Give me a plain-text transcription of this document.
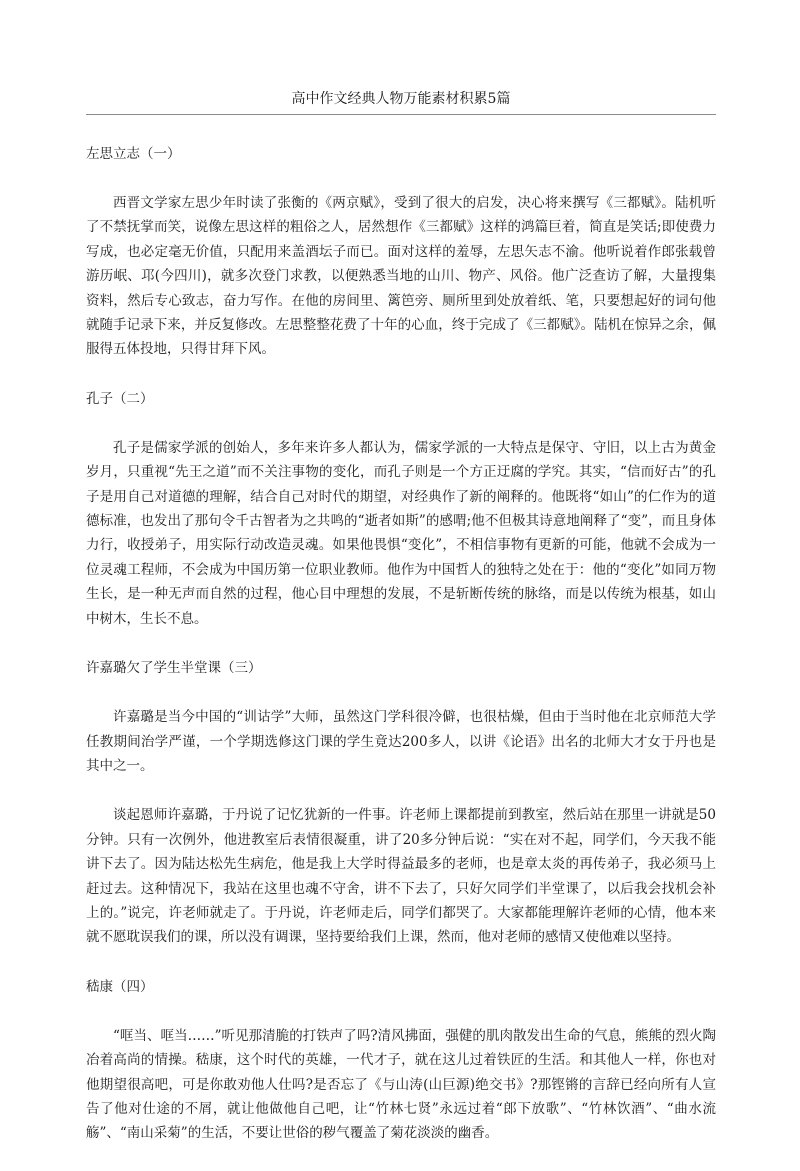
高中作文经典人物万能素材积累5篇
左思立志（一）

西晋文学家左思少年时读了张衡的《两京赋》，受到了很大的启发，决心将来撰写《三都赋》。陆机听了不禁抚掌而笑，说像左思这样的粗俗之人，居然想作《三都赋》这样的鸿篇巨着，简直是笑话;即使费力写成，也必定毫无价值，只配用来盖酒坛子而已。面对这样的羞辱，左思矢志不渝。他听说着作郎张载曾游历岷、邛(今四川)，就多次登门求教，以便熟悉当地的山川、物产、风俗。他广泛查访了解，大量搜集资料，然后专心致志，奋力写作。在他的房间里、篱笆旁、厕所里到处放着纸、笔，只要想起好的词句他就随手记录下来，并反复修改。左思整整花费了十年的心血，终于完成了《三都赋》。陆机在惊异之余，佩服得五体投地，只得甘拜下风。

孔子（二）

孔子是儒家学派的创始人，多年来许多人都认为，儒家学派的一大特点是保守、守旧，以上古为黄金岁月，只重视“先王之道”而不关注事物的变化，而孔子则是一个方正迂腐的学究。其实，“信而好古”的孔子是用自己对道德的理解，结合自己对时代的期望，对经典作了新的阐释的。他既将“如山”的仁作为的道德标准，也发出了那句令千古智者为之共鸣的“逝者如斯”的感喟;他不但极其诗意地阐释了“变”，而且身体力行，收授弟子，用实际行动改造灵魂。如果他畏惧“变化”，不相信事物有更新的可能，他就不会成为一位灵魂工程师，不会成为中国历第一位职业教师。他作为中国哲人的独特之处在于：他的“变化”如同万物生长，是一种无声而自然的过程，他心目中理想的发展，不是斩断传统的脉络，而是以传统为根基，如山中树木，生长不息。

许嘉璐欠了学生半堂课（三）

许嘉璐是当今中国的“训诂学”大师，虽然这门学科很冷僻，也很枯燥，但由于当时他在北京师范大学任教期间治学严谨，一个学期选修这门课的学生竟达200多人，以讲《论语》出名的北师大才女于丹也是其中之一。

谈起恩师许嘉璐，于丹说了记忆犹新的一件事。许老师上课都提前到教室，然后站在那里一讲就是50分钟。只有一次例外，他进教室后表情很凝重，讲了20多分钟后说：“实在对不起，同学们，今天我不能讲下去了。因为陆达松先生病危，他是我上大学时得益最多的老师，也是章太炎的再传弟子，我必须马上赶过去。这种情况下，我站在这里也魂不守舍，讲不下去了，只好欠同学们半堂课了，以后我会找机会补上的。”说完，许老师就走了。于丹说，许老师走后，同学们都哭了。大家都能理解许老师的心情，他本来就不愿耽误我们的课，所以没有调课，坚持要给我们上课，然而，他对老师的感情又使他难以坚持。

嵇康（四）

“哐当、哐当……”听见那清脆的打铁声了吗?清风拂面，强健的肌肉散发出生命的气息，熊熊的烈火陶冶着高尚的情操。嵇康，这个时代的英雄，一代才子，就在这儿过着铁匠的生活。和其他人一样，你也对他期望很高吧，可是你敢劝他人仕吗?是否忘了《与山涛(山巨源)绝交书》?那铿锵的言辞已经向所有人宣告了他对仕途的不屑，就让他做他自己吧，让“竹林七贤”永远过着“郎下放歌”、“竹林饮酒”、“曲水流觞”、“南山采菊”的生活，不要让世俗的秽气覆盖了菊花淡淡的幽香。
